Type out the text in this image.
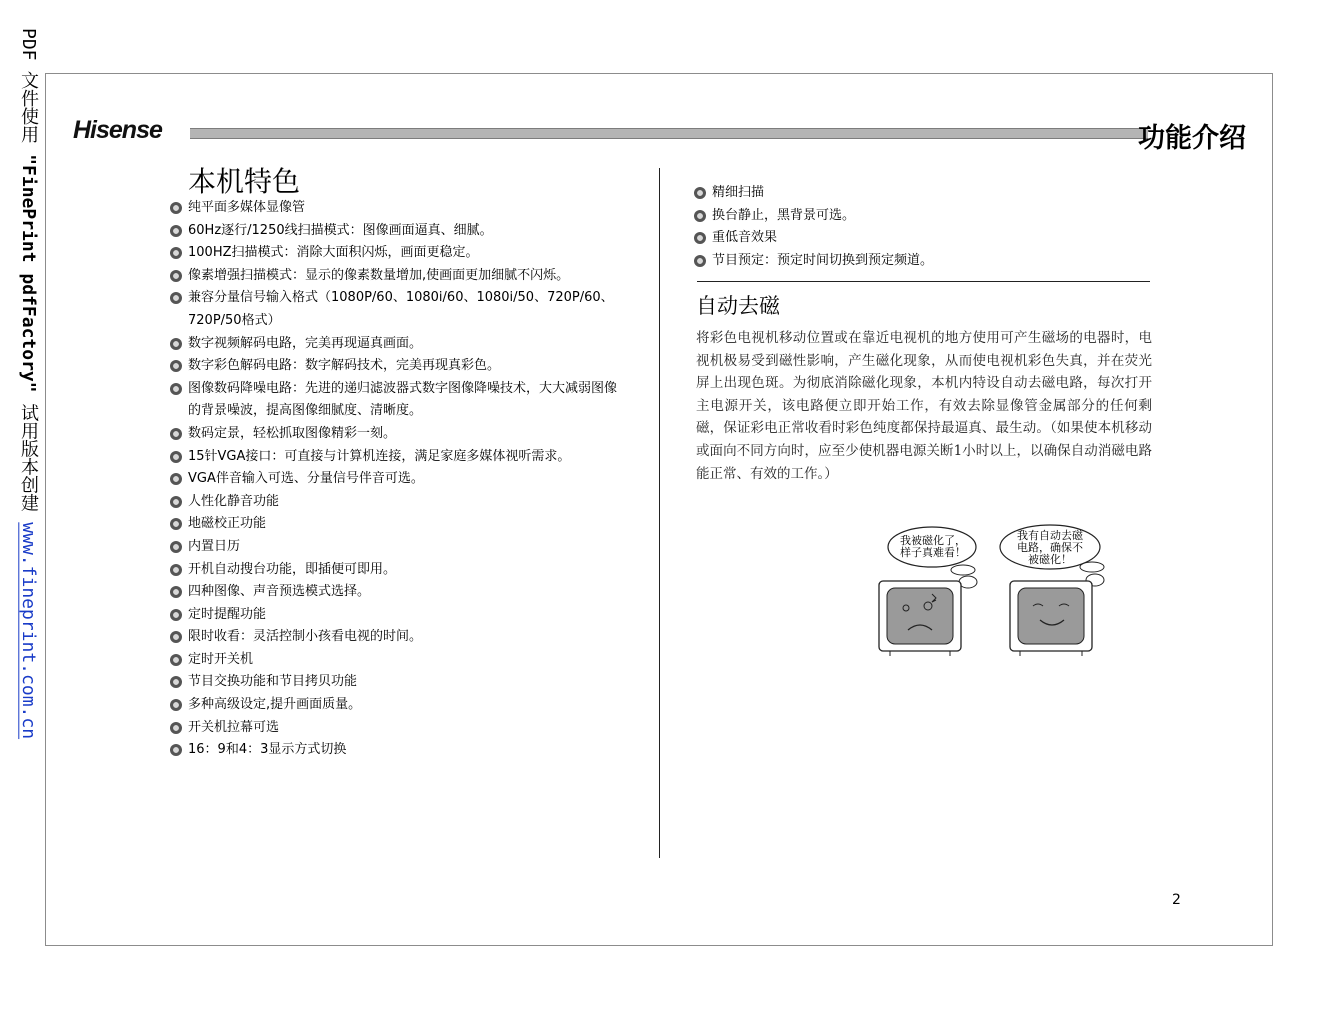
PDF 文件使用 "FinePrint pdfFactory" 试用版本创建 www.fineprint.com.cn
Hisense	功能介绍
本机特色
纯平面多媒体显像管
60Hz逐行/1250线扫描模式：图像画面逼真、细腻。
100HZ扫描模式：消除大面积闪烁，画面更稳定。
像素增强扫描模式：显示的像素数量增加,使画面更加细腻不闪烁。
兼容分量信号输入格式（1080P/60、1080i/60、1080i/50、720P/60、720P/50格式）
数字视频解码电路，完美再现逼真画面。
数字彩色解码电路：数字解码技术，完美再现真彩色。
图像数码降噪电路：先进的递归滤波器式数字图像降噪技术，大大减弱图像的背景噪波，提高图像细腻度、清晰度。
数码定景，轻松抓取图像精彩一刻。
15针VGA接口：可直接与计算机连接，满足家庭多媒体视听需求。
VGA伴音输入可选、分量信号伴音可选。
人性化静音功能
地磁校正功能
内置日历
开机自动搜台功能，即插便可即用。
四种图像、声音预选模式选择。
定时提醒功能
限时收看：灵活控制小孩看电视的时间。
定时开关机
节目交换功能和节目拷贝功能
多种高级设定,提升画面质量。
开关机拉幕可选
16：9和4：3显示方式切换
精细扫描
换台静止，黑背景可选。
重低音效果
节目预定：预定时间切换到预定频道。
自动去磁
将彩色电视机移动位置或在靠近电视机的地方使用可产生磁场的电器时，电视机极易受到磁性影响，产生磁化现象，从而使电视机彩色失真，并在荧光屏上出现色斑。为彻底消除磁化现象，本机内特设自动去磁电路，每次打开主电源开关，该电路便立即开始工作，有效去除显像管金属部分的任何剩磁，保证彩电正常收看时彩色纯度都保持最逼真、最生动。（如果使本机移动或面向不同方向时，应至少使机器电源关断1小时以上，以确保自动消磁电路能正常、有效的工作。）
我被磁化了，
样子真难看！
我有自动去磁
电路，确保不
被磁化！
2
